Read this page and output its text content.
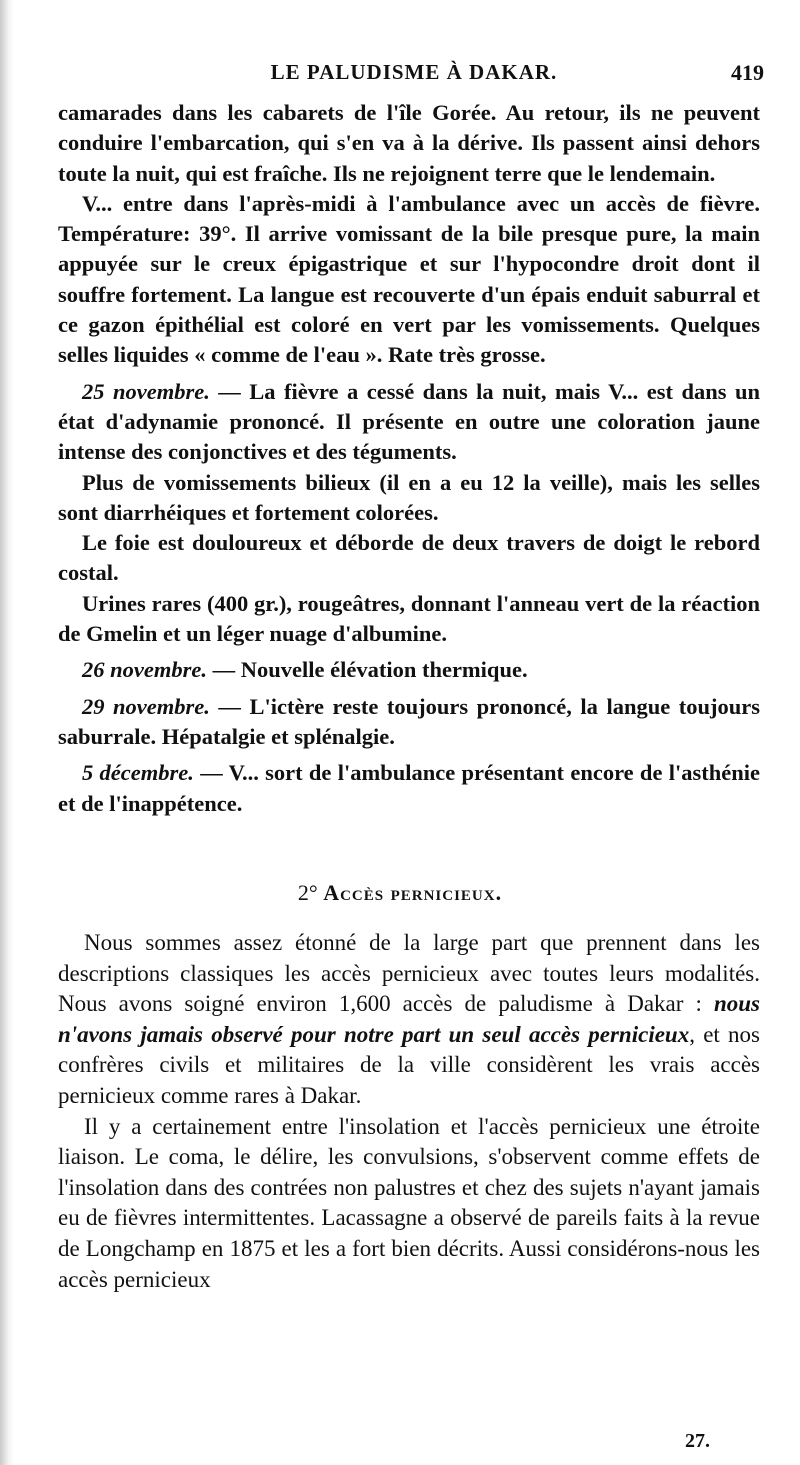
LE PALUDISME À DAKAR.	419

camarades dans les cabarets de l'île Gorée. Au retour, ils ne peuvent conduire l'embarcation, qui s'en va à la dérive. Ils passent ainsi dehors toute la nuit, qui est fraîche. Ils ne rejoignent terre que le lendemain.

V... entre dans l'après-midi à l'ambulance avec un accès de fièvre. Température: 39°. Il arrive vomissant de la bile presque pure, la main appuyée sur le creux épigastrique et sur l'hypocondre droit dont il souffre fortement. La langue est recouverte d'un épais enduit saburral et ce gazon épithélial est coloré en vert par les vomissements. Quelques selles liquides « comme de l'eau ». Rate très grosse.

25 novembre. — La fièvre a cessé dans la nuit, mais V... est dans un état d'adynamie prononcé. Il présente en outre une coloration jaune intense des conjonctives et des téguments.

Plus de vomissements bilieux (il en a eu 12 la veille), mais les selles sont diarrhéiques et fortement colorées.

Le foie est douloureux et déborde de deux travers de doigt le rebord costal.

Urines rares (400 gr.), rougeâtres, donnant l'anneau vert de la réaction de Gmelin et un léger nuage d'albumine.

26 novembre. — Nouvelle élévation thermique.

29 novembre. — L'ictère reste toujours prononcé, la langue toujours saburrale. Hépatalgie et splénalgie.

5 décembre. — V... sort de l'ambulance présentant encore de l'asthénie et de l'inappétence.

2° Accès pernicieux.

Nous sommes assez étonné de la large part que prennent dans les descriptions classiques les accès pernicieux avec toutes leurs modalités. Nous avons soigné environ 1,600 accès de paludisme à Dakar : nous n'avons jamais observé pour notre part un seul accès pernicieux, et nos confrères civils et militaires de la ville considèrent les vrais accès pernicieux comme rares à Dakar.

Il y a certainement entre l'insolation et l'accès pernicieux une étroite liaison. Le coma, le délire, les convulsions, s'observent comme effets de l'insolation dans des contrées non palustres et chez des sujets n'ayant jamais eu de fièvres intermittentes. Lacassagne a observé de pareils faits à la revue de Longchamp en 1875 et les a fort bien décrits. Aussi considérons-nous les accès pernicieux

27.
